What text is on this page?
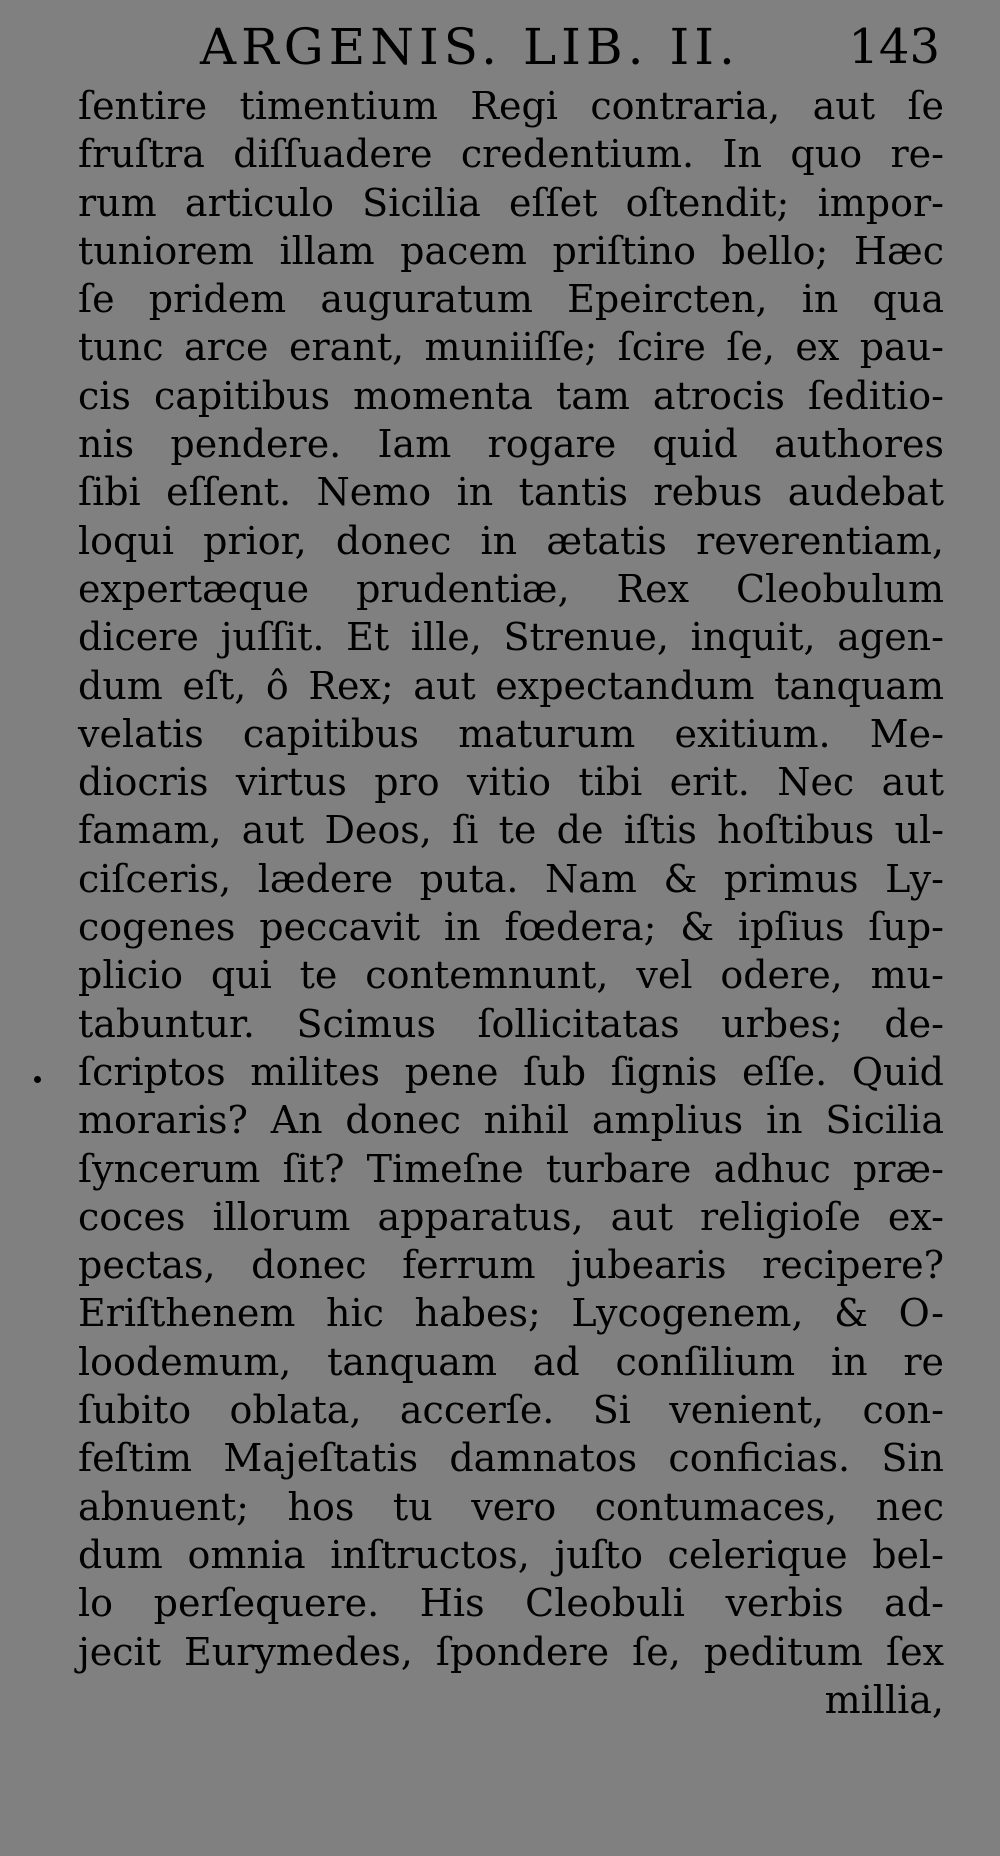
ARGENIS. LIB. II. 143
ſentire timentium Regi contraria, aut ſe
fruſtra diſſuadere credentium. In quo re-
rum articulo Sicilia eſſet oſtendit; impor-
tuniorem illam pacem priſtino bello; Hæc
ſe pridem auguratum Epeircten, in qua
tunc arce erant, muniiſſe; ſcire ſe, ex pau-
cis capitibus momenta tam atrocis ſeditio-
nis pendere. Iam rogare quid authores
ſibi eſſent. Nemo in tantis rebus audebat
loqui prior, donec in ætatis reverentiam,
expertæque prudentiæ, Rex Cleobulum
dicere juſſit. Et ille, Strenue, inquit, agen-
dum eſt, ô Rex; aut expectandum tanquam
velatis capitibus maturum exitium. Me-
diocris virtus pro vitio tibi erit. Nec aut
famam, aut Deos, ſi te de iſtis hoſtibus ul-
ciſceris, lædere puta. Nam & primus Ly-
cogenes peccavit in fœdera; & ipſius ſup-
plicio qui te contemnunt, vel odere, mu-
tabuntur. Scimus ſollicitatas urbes; de-
ſcriptos milites pene ſub ſignis eſſe. Quid
moraris? An donec nihil amplius in Sicilia
ſyncerum ſit? Timeſne turbare adhuc præ-
coces illorum apparatus, aut religioſe ex-
pectas, donec ferrum jubearis recipere?
Eriſthenem hic habes; Lycogenem, & O-
loodemum, tanquam ad conſilium in re
ſubito oblata, accerſe. Si venient, con-
feſtim Majeſtatis damnatos conficias. Sin
abnuent; hos tu vero contumaces, nec
dum omnia inſtructos, juſto celerique bel-
lo perſequere. His Cleobuli verbis ad-
jecit Eurymedes, ſpondere ſe, peditum ſex
millia,
